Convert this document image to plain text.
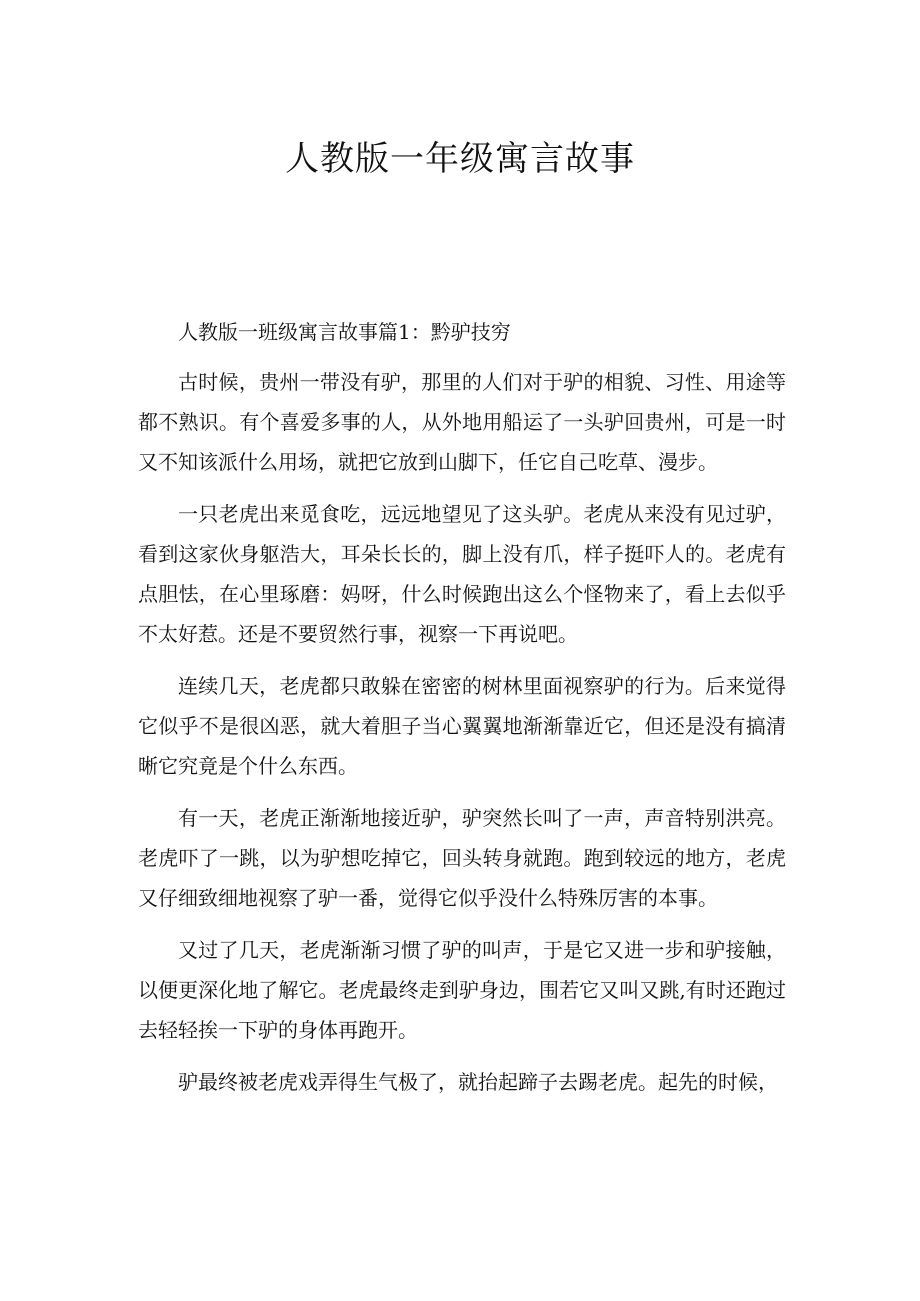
人教版一年级寓言故事

人教版一班级寓言故事篇1：黔驴技穷

古时候，贵州一带没有驴，那里的人们对于驴的相貌、习性、用途等都不熟识。有个喜爱多事的人，从外地用船运了一头驴回贵州，可是一时又不知该派什么用场，就把它放到山脚下，任它自己吃草、漫步。

一只老虎出来觅食吃，远远地望见了这头驴。老虎从来没有见过驴，看到这家伙身躯浩大，耳朵长长的，脚上没有爪，样子挺吓人的。老虎有点胆怯，在心里琢磨：妈呀，什么时候跑出这么个怪物来了，看上去似乎不太好惹。还是不要贸然行事，视察一下再说吧。

连续几天，老虎都只敢躲在密密的树林里面视察驴的行为。后来觉得它似乎不是很凶恶，就大着胆子当心翼翼地渐渐靠近它，但还是没有搞清晰它究竟是个什么东西。

有一天，老虎正渐渐地接近驴，驴突然长叫了一声，声音特别洪亮。老虎吓了一跳，以为驴想吃掉它，回头转身就跑。跑到较远的地方，老虎又仔细致细地视察了驴一番，觉得它似乎没什么特殊厉害的本事。

又过了几天，老虎渐渐习惯了驴的叫声，于是它又进一步和驴接触，以便更深化地了解它。老虎最终走到驴身边，围若它又叫又跳,有时还跑过去轻轻挨一下驴的身体再跑开。

驴最终被老虎戏弄得生气极了，就抬起蹄子去踢老虎。起先的时候，
